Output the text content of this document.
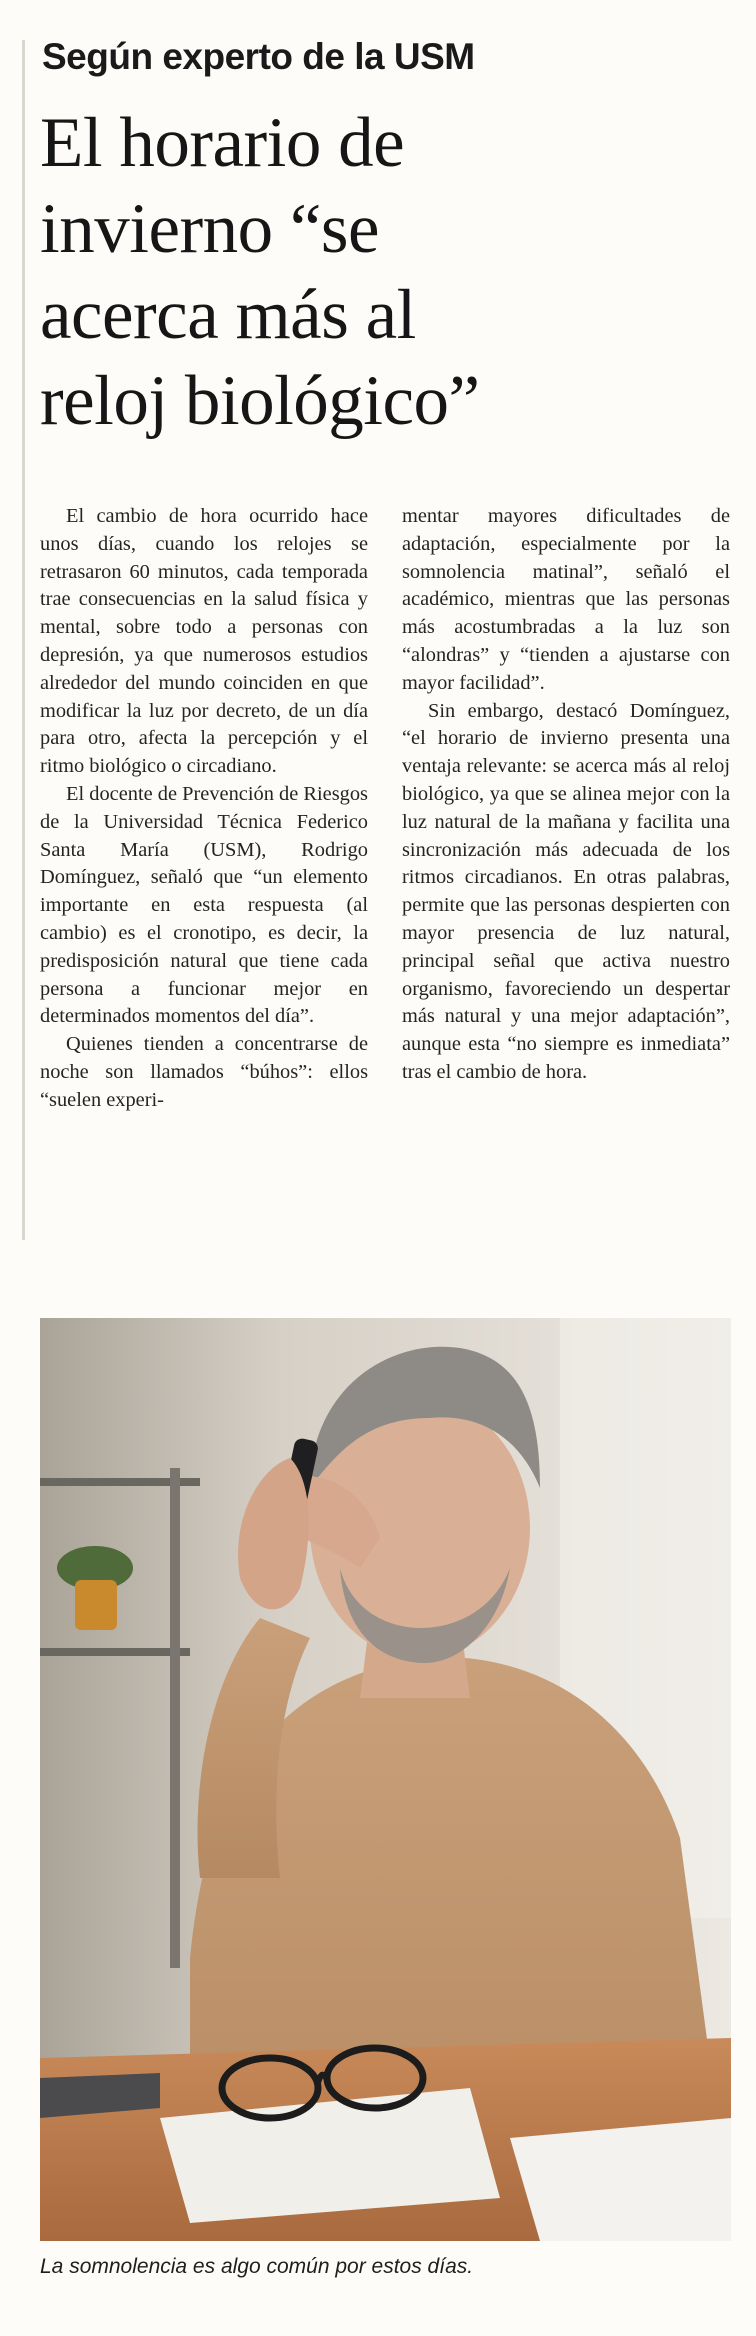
Según experto de la USM
El horario de
invierno “se
acerca más al
reloj biológico”

El cambio de hora ocurrido hace unos días, cuando los relojes se retrasaron 60 minutos, cada temporada trae consecuencias en la salud física y mental, sobre todo a personas con depresión, ya que numerosos estudios alrededor del mundo coinciden en que modificar la luz por decreto, de un día para otro, afecta la percepción y el ritmo biológico o circadiano.

El docente de Prevención de Riesgos de la Universidad Técnica Federico Santa María (USM), Rodrigo Domínguez, señaló que “un elemento importante en esta respuesta (al cambio) es el cronotipo, es decir, la predisposición natural que tiene cada persona a funcionar mejor en determinados momentos del día”.

Quienes tienden a concentrarse de noche son llamados “búhos”: ellos “suelen experi-

mentar mayores dificultades de adaptación, especialmente por la somnolencia matinal”, señaló el académico, mientras que las personas más acostumbradas a la luz son “alondras” y “tienden a ajustarse con mayor facilidad”.

Sin embargo, destacó Domínguez, “el horario de invierno presenta una ventaja relevante: se acerca más al reloj biológico, ya que se alinea mejor con la luz natural de la mañana y facilita una sincronización más adecuada de los ritmos circadianos. En otras palabras, permite que las personas despierten con mayor presencia de luz natural, principal señal que activa nuestro organismo, favoreciendo un despertar más natural y una mejor adaptación”, aunque esta “no siempre es inmediata” tras el cambio de hora.

La somnolencia es algo común por estos días.
